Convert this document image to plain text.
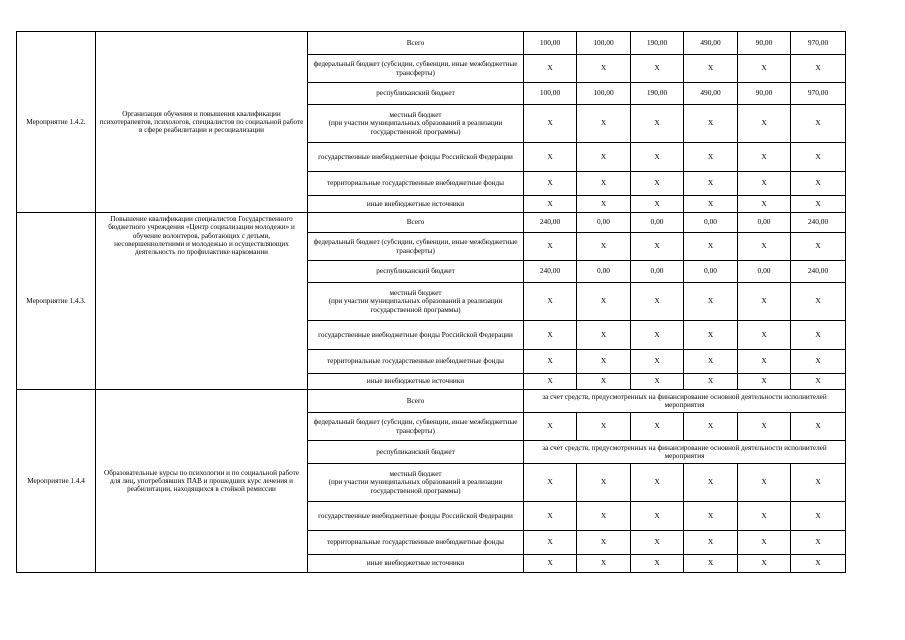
Мероприятие 1.4.2.	Организация обучения и повышения квалификации психотерапевтов, психологов, специалистов по социальной работе в сфере реабилитации и ресоциализации	Всего	100,00	100,00	190,00	490,00	90,00	970,00
		федеральный бюджет (субсидии, субвенции, иные межбюджетные трансферты)	X	X	X	X	X	X
		республиканский бюджет	100,00	100,00	190,00	490,00	90,00	970,00
		местный бюджет
(при участии муниципальных образований в реализации государственной программы)	X	X	X	X	X	X
		государственные внебюджетные фонды Российской Федерации	X	X	X	X	X	X
		территориальные государственные внебюджетные фонды	X	X	X	X	X	X
		иные внебюджетные источники	X	X	X	X	X	X
Мероприятие 1.4.3.	Повышение квалификации специалистов Государственного бюджетного учреждения «Центр социализации молодежи» и обучение волонтеров, работающих с детьми, несовершеннолетними и молодежью и осуществляющих деятельность по профилактике наркомании	Всего	240,00	0,00	0,00	0,00	0,00	240,00
		федеральный бюджет (субсидии, субвенции, иные межбюджетные трансферты)	X	X	X	X	X	X
		республиканский бюджет	240,00	0,00	0,00	0,00	0,00	240,00
		местный бюджет
(при участии муниципальных образований в реализации государственной программы)	X	X	X	X	X	X
		государственные внебюджетные фонды Российской Федерации	X	X	X	X	X	X
		территориальные государственные внебюджетные фонды	X	X	X	X	X	X
		иные внебюджетные источники	X	X	X	X	X	X
Мероприятие 1.4.4	Образовательные курсы по психологии и по социальной работе для лиц, употреблявших ПАВ и прошедших курс лечения и реабилитации, находящихся в стойкой ремиссии	Всего	за счет средств, предусмотренных на финансирование основной деятельности исполнителей мероприятия					
		федеральный бюджет (субсидии, субвенции, иные межбюджетные трансферты)	X	X	X	X	X	X
		республиканский бюджет	за счет средств, предусмотренных на финансирование основной деятельности исполнителей мероприятия					
		местный бюджет
(при участии муниципальных образований в реализации государственной программы)	X	X	X	X	X	X
		государственные внебюджетные фонды Российской Федерации	X	X	X	X	X	X
		территориальные государственные внебюджетные фонды	X	X	X	X	X	X
		иные внебюджетные источники	X	X	X	X	X	X
